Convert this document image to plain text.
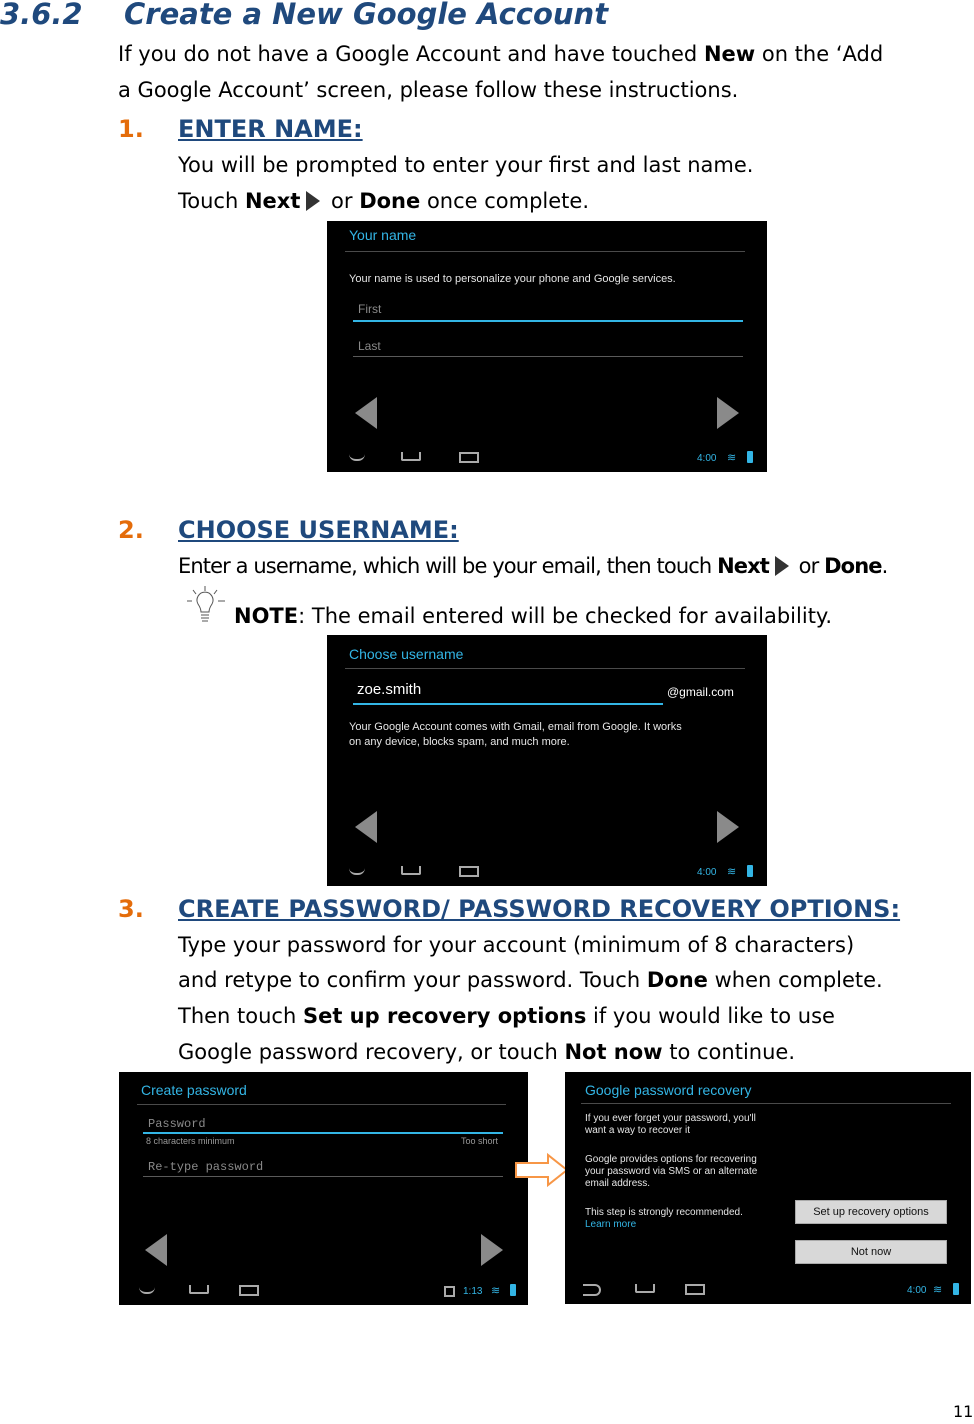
3.6.2 Create a New Google Account
If you do not have a Google Account and have touched New on the ‘Add
a Google Account’ screen, please follow these instructions.
1. ENTER NAME:
You will be prompted to enter your first and last name.
Touch Next or Done once complete.
Your name
Your name is used to personalize your phone and Google services.
First
Last
4:00 ≋
2. CHOOSE USERNAME:
Enter a username, which will be your email, then touch Next or Done.
NOTE: The email entered will be checked for availability.
Choose username
zoe.smith	@gmail.com
Your Google Account comes with Gmail, email from Google. It works
on any device, blocks spam, and much more.
4:00 ≋
3. CREATE PASSWORD/ PASSWORD RECOVERY OPTIONS:
Type your password for your account (minimum of 8 characters)
and retype to confirm your password. Touch Done when complete.
Then touch Set up recovery options if you would like to use
Google password recovery, or touch Not now to continue.
Create password
Password
8 characters minimum	Too short
Re-type password
1:13 ≋
Google password recovery
If you ever forget your password, you'll
want a way to recover it
Google provides options for recovering
your password via SMS or an alternate
email address.
This step is strongly recommended.
Learn more
Set up recovery options
Not now
4:00 ≋
11
